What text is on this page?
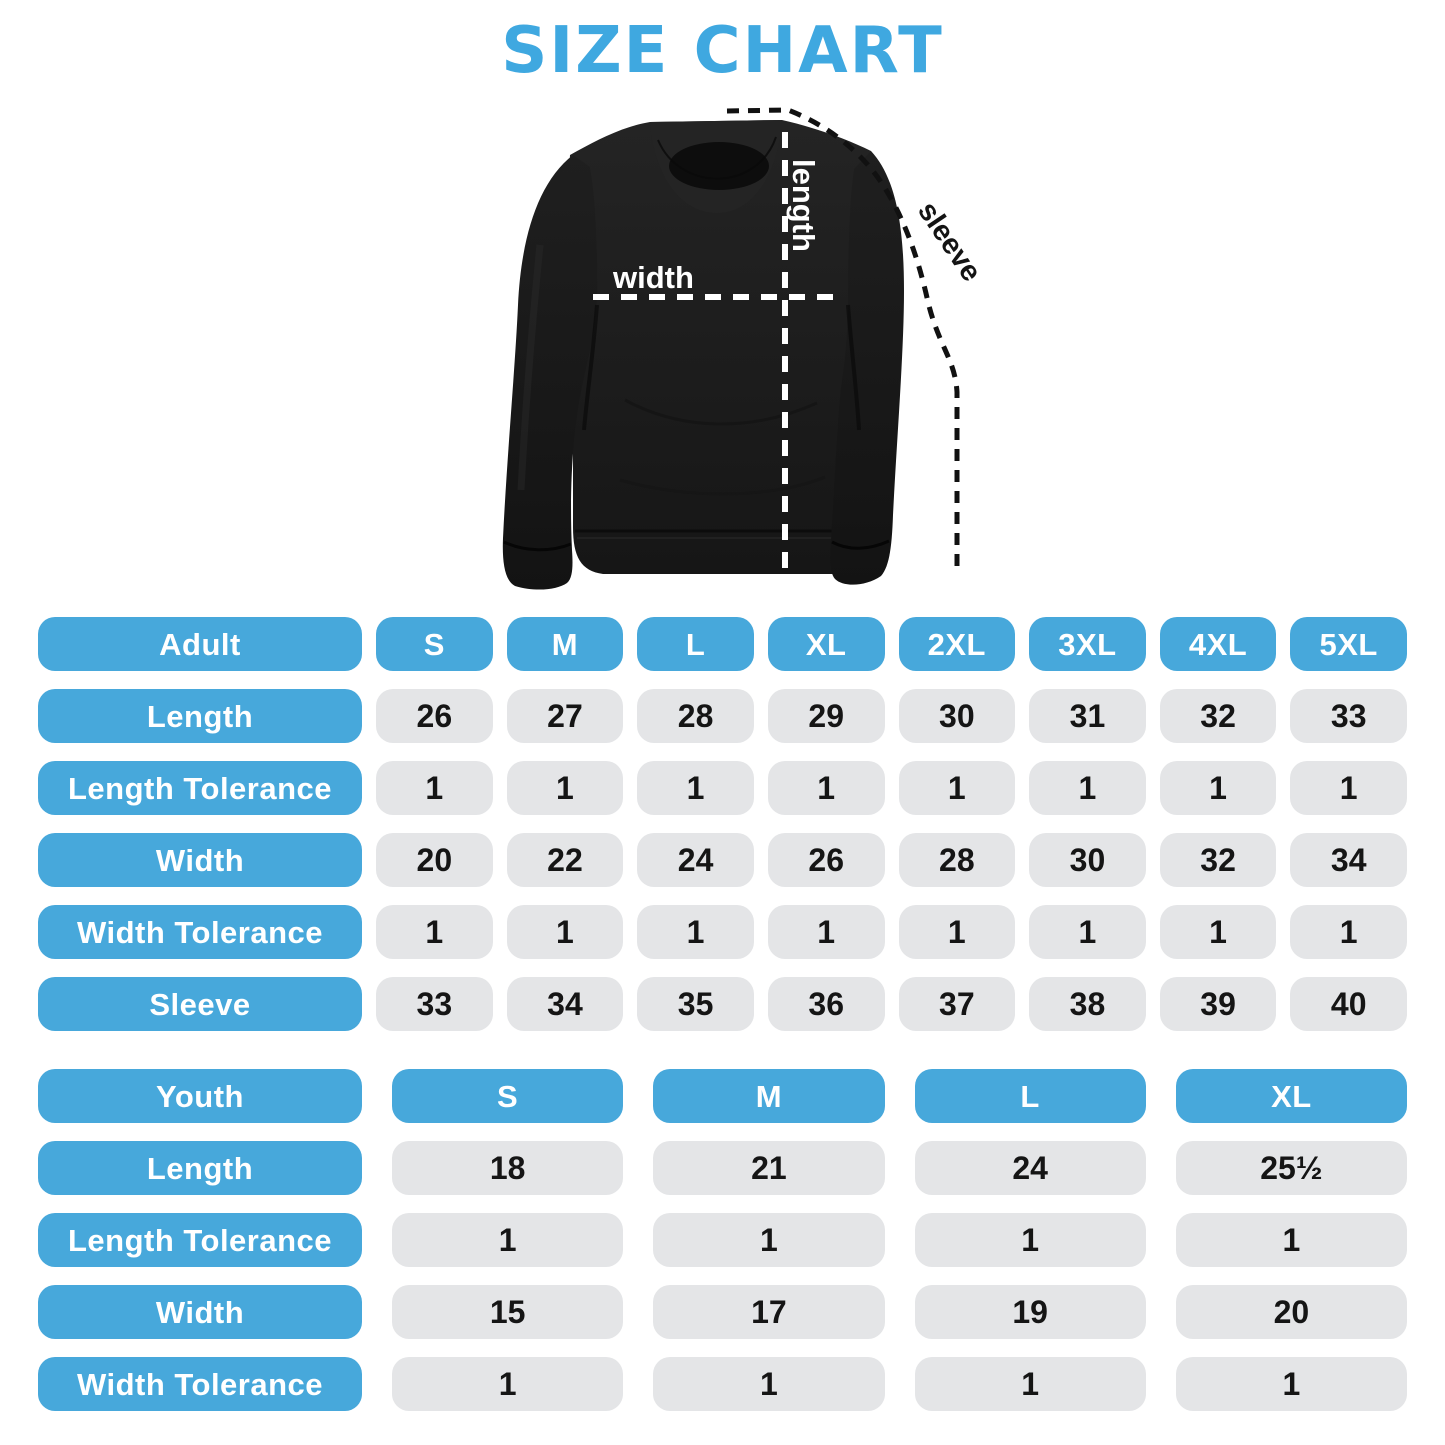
SIZE CHART
width
length	sleeve
Adult	S	M	L	XL	2XL	3XL	4XL	5XL
Length	26	27	28	29	30	31	32	33
Length Tolerance	1	1	1	1	1	1	1	1
Width	20	22	24	26	28	30	32	34
Width Tolerance	1	1	1	1	1	1	1	1
Sleeve	33	34	35	36	37	38	39	40
Youth	S	M	L	XL
Length	18	21	24	25½
Length Tolerance	1	1	1	1
Width	15	17	19	20
Width Tolerance	1	1	1	1
